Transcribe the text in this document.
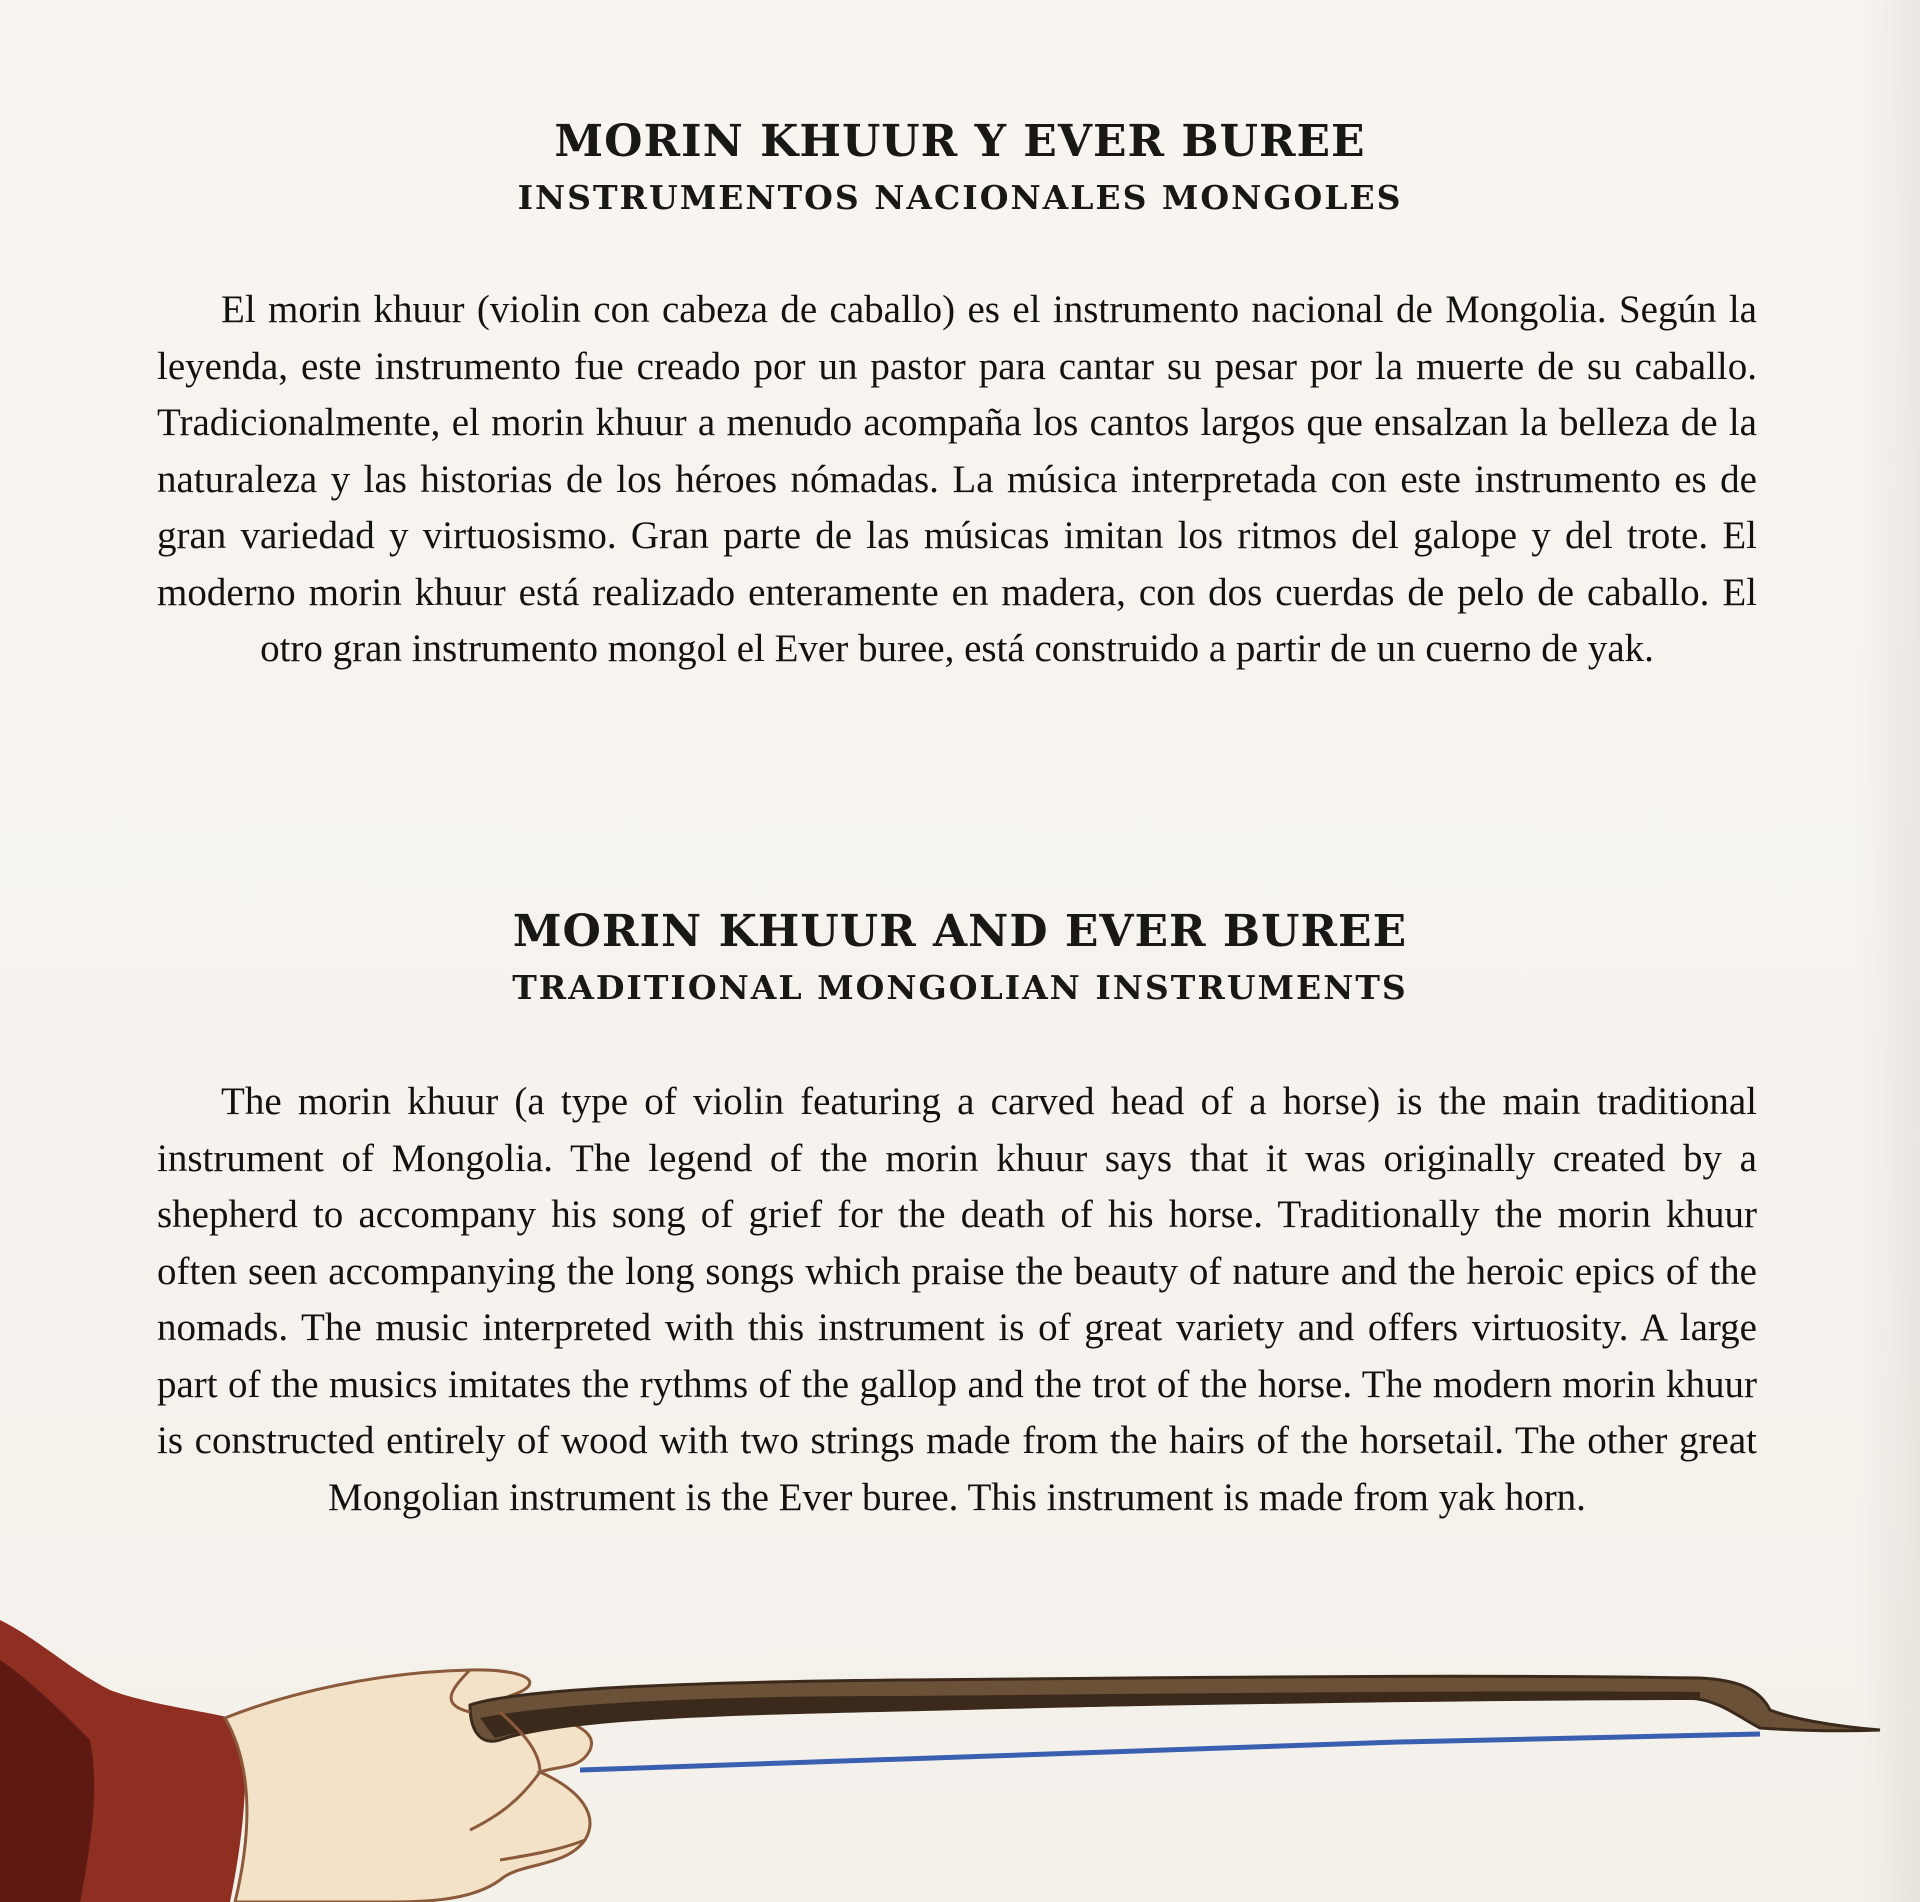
MORIN KHUUR Y EVER BUREE
INSTRUMENTOS NACIONALES MONGOLES

El morin khuur (violin con cabeza de caballo) es el instrumento nacional de Mongolia. Según la leyenda, este instrumento fue creado por un pastor para cantar su pesar por la muerte de su caballo. Tradicionalmente, el morin khuur a menudo acompaña los cantos largos que ensalzan la belleza de la naturaleza y las historias de los héroes nómadas. La música interpretada con este instrumento es de gran variedad y virtuosismo. Gran parte de las músicas imitan los ritmos del galope y del trote. El moderno morin khuur está realizado enteramente en madera, con dos cuerdas de pelo de caballo. El otro gran instrumento mongol el Ever buree, está construido a partir de un cuerno de yak.

MORIN KHUUR AND EVER BUREE
TRADITIONAL MONGOLIAN INSTRUMENTS

The morin khuur (a type of violin featuring a carved head of a horse) is the main traditional instrument of Mongolia. The legend of the morin khuur says that it was originally created by a shepherd to accompany his song of grief for the death of his horse. Traditionally the morin khuur often seen accompanying the long songs which praise the beauty of nature and the heroic epics of the nomads. The music interpreted with this instrument is of great variety and offers virtuosity. A large part of the musics imitates the rythms of the gallop and the trot of the horse. The modern morin khuur is constructed entirely of wood with two strings made from the hairs of the horsetail. The other great Mongolian instrument is the Ever buree. This instrument is made from yak horn.
